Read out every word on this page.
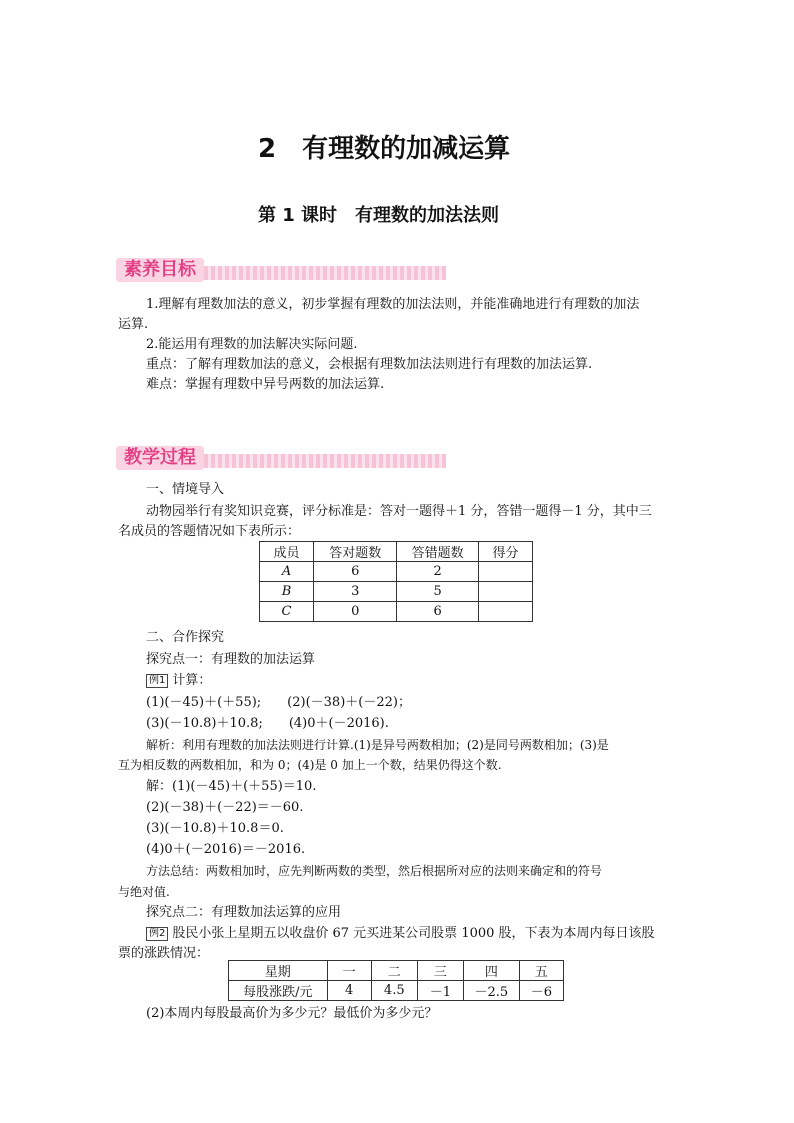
2　有理数的加减运算
第 1 课时　有理数的加法法则
素养目标
1.理解有理数加法的意义，初步掌握有理数的加法法则，并能准确地进行有理数的加法
运算.
2.能运用有理数的加法解决实际问题.
重点：了解有理数加法的意义，会根据有理数加法法则进行有理数的加法运算.
难点：掌握有理数中异号两数的加法运算.
教学过程
一、情境导入
动物园举行有奖知识竞赛，评分标准是：答对一题得＋1 分，答错一题得－1 分，其中三
名成员的答题情况如下表所示：
成员	答对题数	答错题数	得分
A	6	2	
B	3	5	
C	0	6	
二、合作探究
探究点一：有理数的加法运算
例1 计算：
(1)(－45)＋(＋55);　　(2)(－38)＋(－22)；
(3)(－10.8)＋10.8;　　(4)0＋(－2016).
解析：利用有理数的加法法则进行计算.(1)是异号两数相加；(2)是同号两数相加；(3)是
互为相反数的两数相加，和为 0；(4)是 0 加上一个数，结果仍得这个数.
解：(1)(－45)＋(＋55)＝10.
(2)(－38)＋(－22)＝－60.
(3)(－10.8)＋10.8＝0.
(4)0＋(－2016)＝－2016.
方法总结：两数相加时，应先判断两数的类型，然后根据所对应的法则来确定和的符号
与绝对值.
探究点二：有理数加法运算的应用
例2 股民小张上星期五以收盘价 67 元买进某公司股票 1000 股，下表为本周内每日该股
票的涨跌情况：
星期	一	二	三	四	五
每股涨跌/元	4	4.5	－1	－2.5	－6
(2)本周内每股最高价为多少元？最低价为多少元？
